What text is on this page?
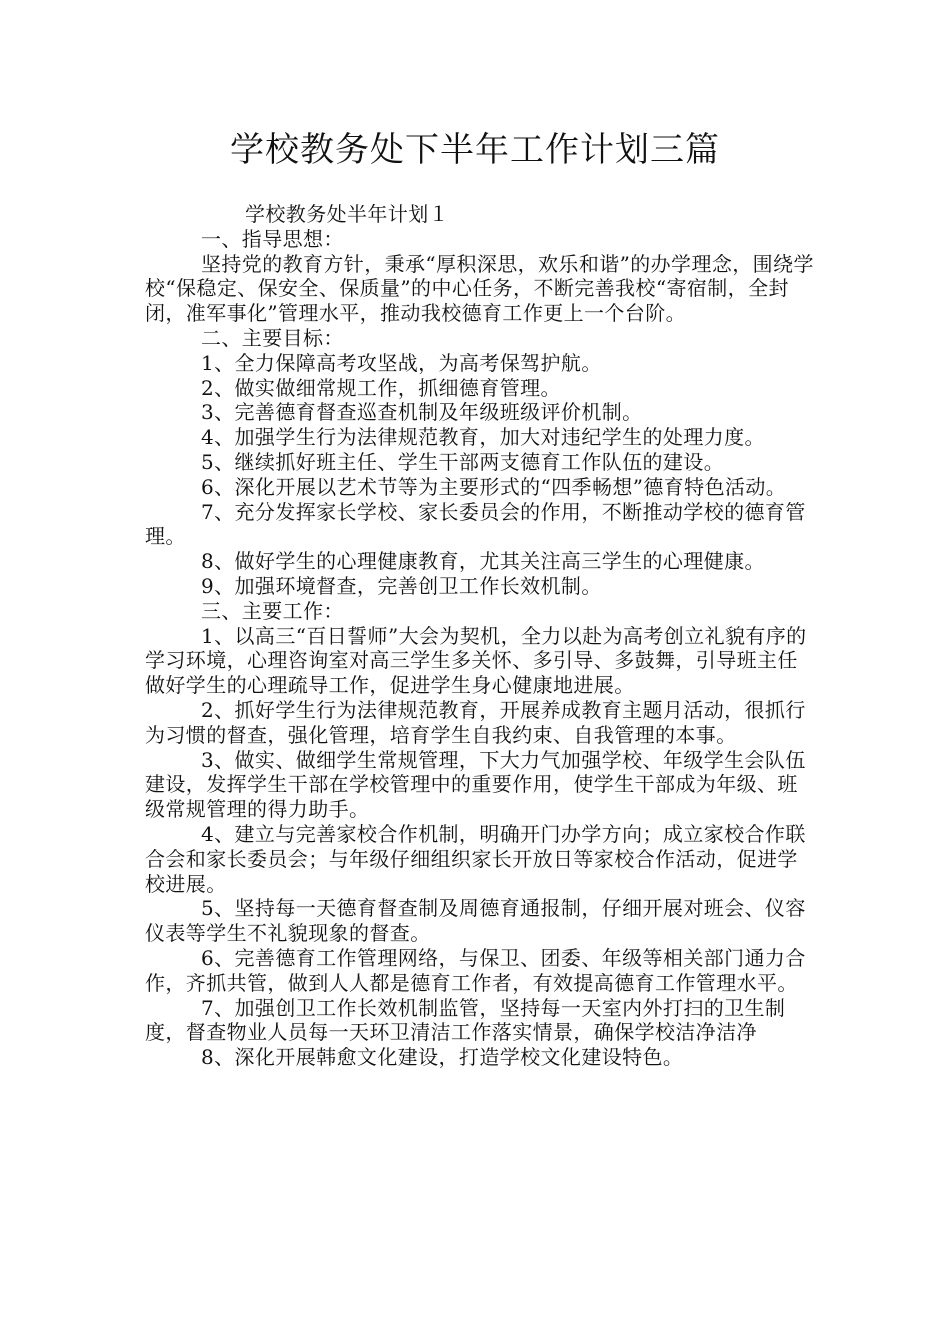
学校教务处下半年工作计划三篇

学校教务处半年计划１

一、指导思想：

坚持党的教育方针，秉承“厚积深思，欢乐和谐”的办学理念，围绕学校“保稳定、保安全、保质量”的中心任务，不断完善我校“寄宿制，全封闭，准军事化”管理水平，推动我校德育工作更上一个台阶。

二、主要目标：

1、全力保障高考攻坚战，为高考保驾护航。

2、做实做细常规工作，抓细德育管理。

3、完善德育督查巡查机制及年级班级评价机制。

4、加强学生行为法律规范教育，加大对违纪学生的处理力度。

5、继续抓好班主任、学生干部两支德育工作队伍的建设。

6、深化开展以艺术节等为主要形式的“四季畅想”德育特色活动。

7、充分发挥家长学校、家长委员会的作用，不断推动学校的德育管理。

8、做好学生的心理健康教育，尤其关注高三学生的心理健康。

9、加强环境督查，完善创卫工作长效机制。

三、主要工作：

1、以高三“百日誓师”大会为契机，全力以赴为高考创立礼貌有序的学习环境，心理咨询室对高三学生多关怀、多引导、多鼓舞，引导班主任做好学生的心理疏导工作，促进学生身心健康地进展。

2、抓好学生行为法律规范教育，开展养成教育主题月活动，很抓行为习惯的督查，强化管理，培育学生自我约束、自我管理的本事。

3、做实、做细学生常规管理，下大力气加强学校、年级学生会队伍建设，发挥学生干部在学校管理中的重要作用，使学生干部成为年级、班级常规管理的得力助手。

4、建立与完善家校合作机制，明确开门办学方向；成立家校合作联合会和家长委员会；与年级仔细组织家长开放日等家校合作活动，促进学校进展。

5、坚持每一天德育督查制及周德育通报制，仔细开展对班会、仪容仪表等学生不礼貌现象的督查。

6、完善德育工作管理网络，与保卫、团委、年级等相关部门通力合作，齐抓共管，做到人人都是德育工作者，有效提高德育工作管理水平。

7、加强创卫工作长效机制监管，坚持每一天室内外打扫的卫生制度，督查物业人员每一天环卫清洁工作落实情景，确保学校洁净洁净

8、深化开展韩愈文化建设，打造学校文化建设特色。
